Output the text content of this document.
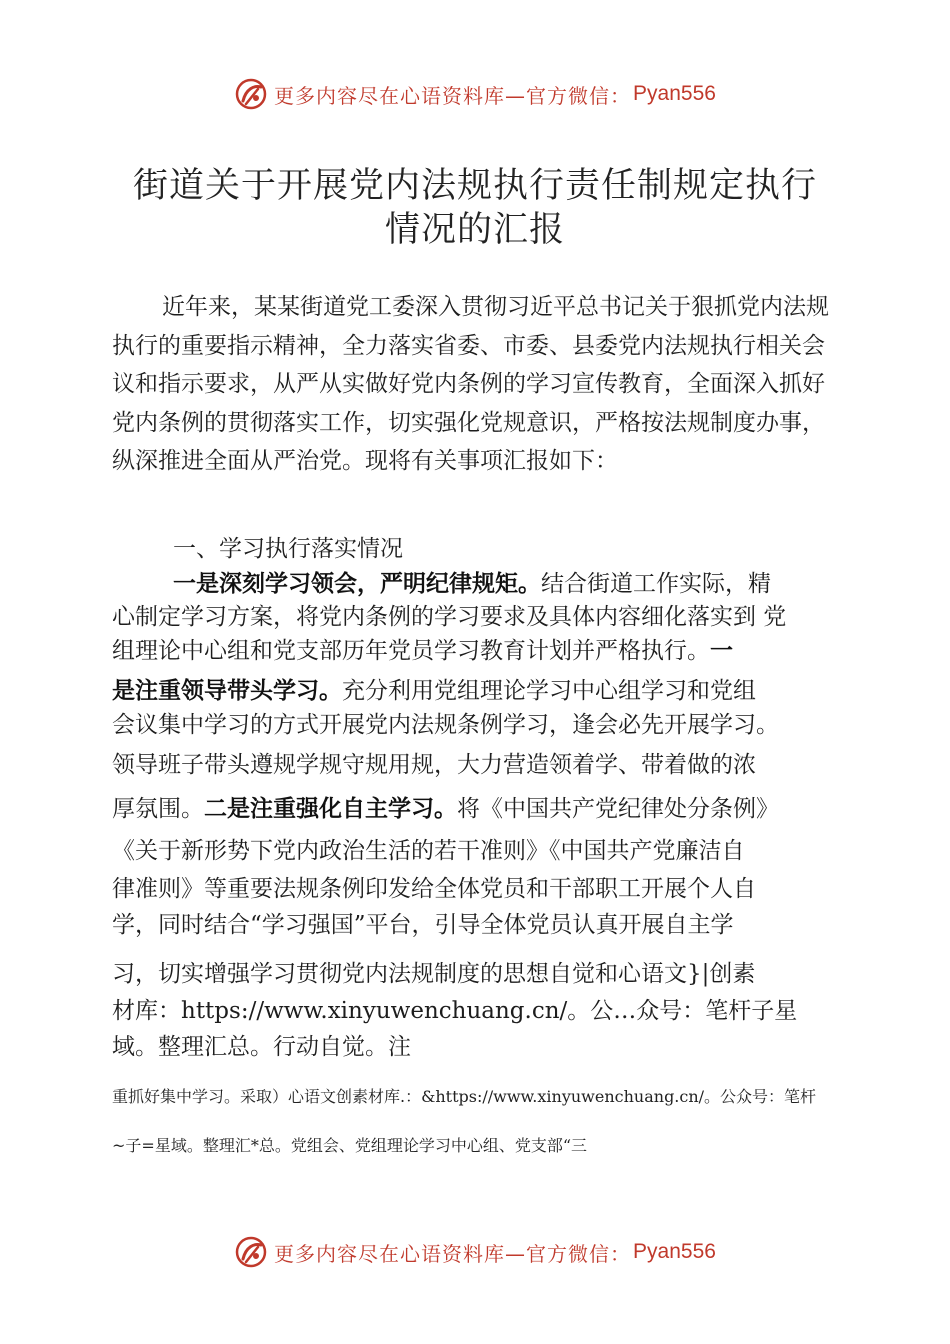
更多内容尽在心语资料库—官方微信： Pyan556
街道关于开展党内法规执行责任制规定执行
情况的汇报
近年来，某某街道党工委深入贯彻习近平总书记关于狠抓党内法规执行的重要指示精神，全力落实省委、市委、县委党内法规执行相关会议和指示要求，从严从实做好党内条例的学习宣传教育，全面深入抓好党内条例的贯彻落实工作，切实强化党规意识，严格按法规制度办事，纵深推进全面从严治党。现将有关事项汇报如下：
一、学习执行落实情况
一是深刻学习领会，严明纪律规矩。结合街道工作实际，精
心制定学习方案，将党内条例的学习要求及具体内容细化落实到 党
组理论中心组和党支部历年党员学习教育计划并严格执行。一
是注重领导带头学习。充分利用党组理论学习中心组学习和党组
会议集中学习的方式开展党内法规条例学习，逢会必先开展学习。
领导班子带头遵规学规守规用规，大力营造领着学、带着做的浓
厚氛围。二是注重强化自主学习。将《中国共产党纪律处分条例》
《关于新形势下党内政治生活的若干准则》《中国共产党廉洁自
律准则》等重要法规条例印发给全体党员和干部职工开展个人自
学，同时结合“学习强国”平台，引导全体党员认真开展自主学
习，切实增强学习贯彻党内法规制度的思想自觉和心语文}|创素
材库：https://www.xinyuwenchuang.cn/。公…众号：笔杆子星
域。整理汇总。行动自觉。注
重抓好集中学习。采取）心语文创素材库.：&https://www.xinyuwenchuang.cn/。公众号：笔杆
~子=星域。整理汇*总。党组会、党组理论学习中心组、党支部“三
更多内容尽在心语资料库—官方微信： Pyan556
